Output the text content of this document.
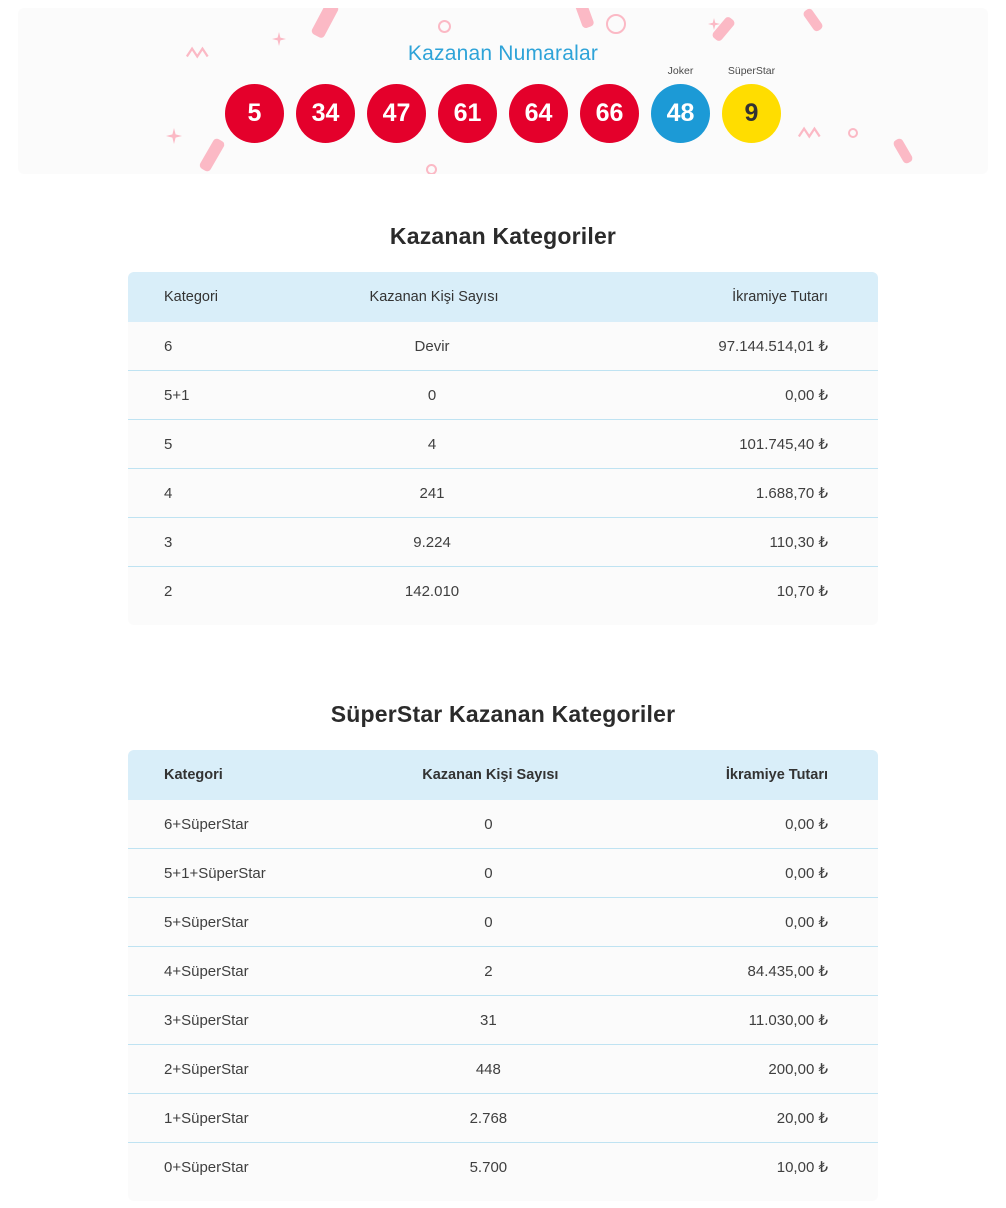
Kazanan Numaralar
5	34	47	61	64	66
Joker
48
SüperStar
9
Kazanan Kategoriler
Kategori	Kazanan Kişi Sayısı	İkramiye Tutarı
6	Devir	97.144.514,01 ₺
5+1	0	0,00 ₺
5	4	101.745,40 ₺
4	241	1.688,70 ₺
3	9.224	110,30 ₺
2	142.010	10,70 ₺
SüperStar Kazanan Kategoriler
Kategori	Kazanan Kişi Sayısı	İkramiye Tutarı
6+SüperStar	0	0,00 ₺
5+1+SüperStar	0	0,00 ₺
5+SüperStar	0	0,00 ₺
4+SüperStar	2	84.435,00 ₺
3+SüperStar	31	11.030,00 ₺
2+SüperStar	448	200,00 ₺
1+SüperStar	2.768	20,00 ₺
0+SüperStar	5.700	10,00 ₺
